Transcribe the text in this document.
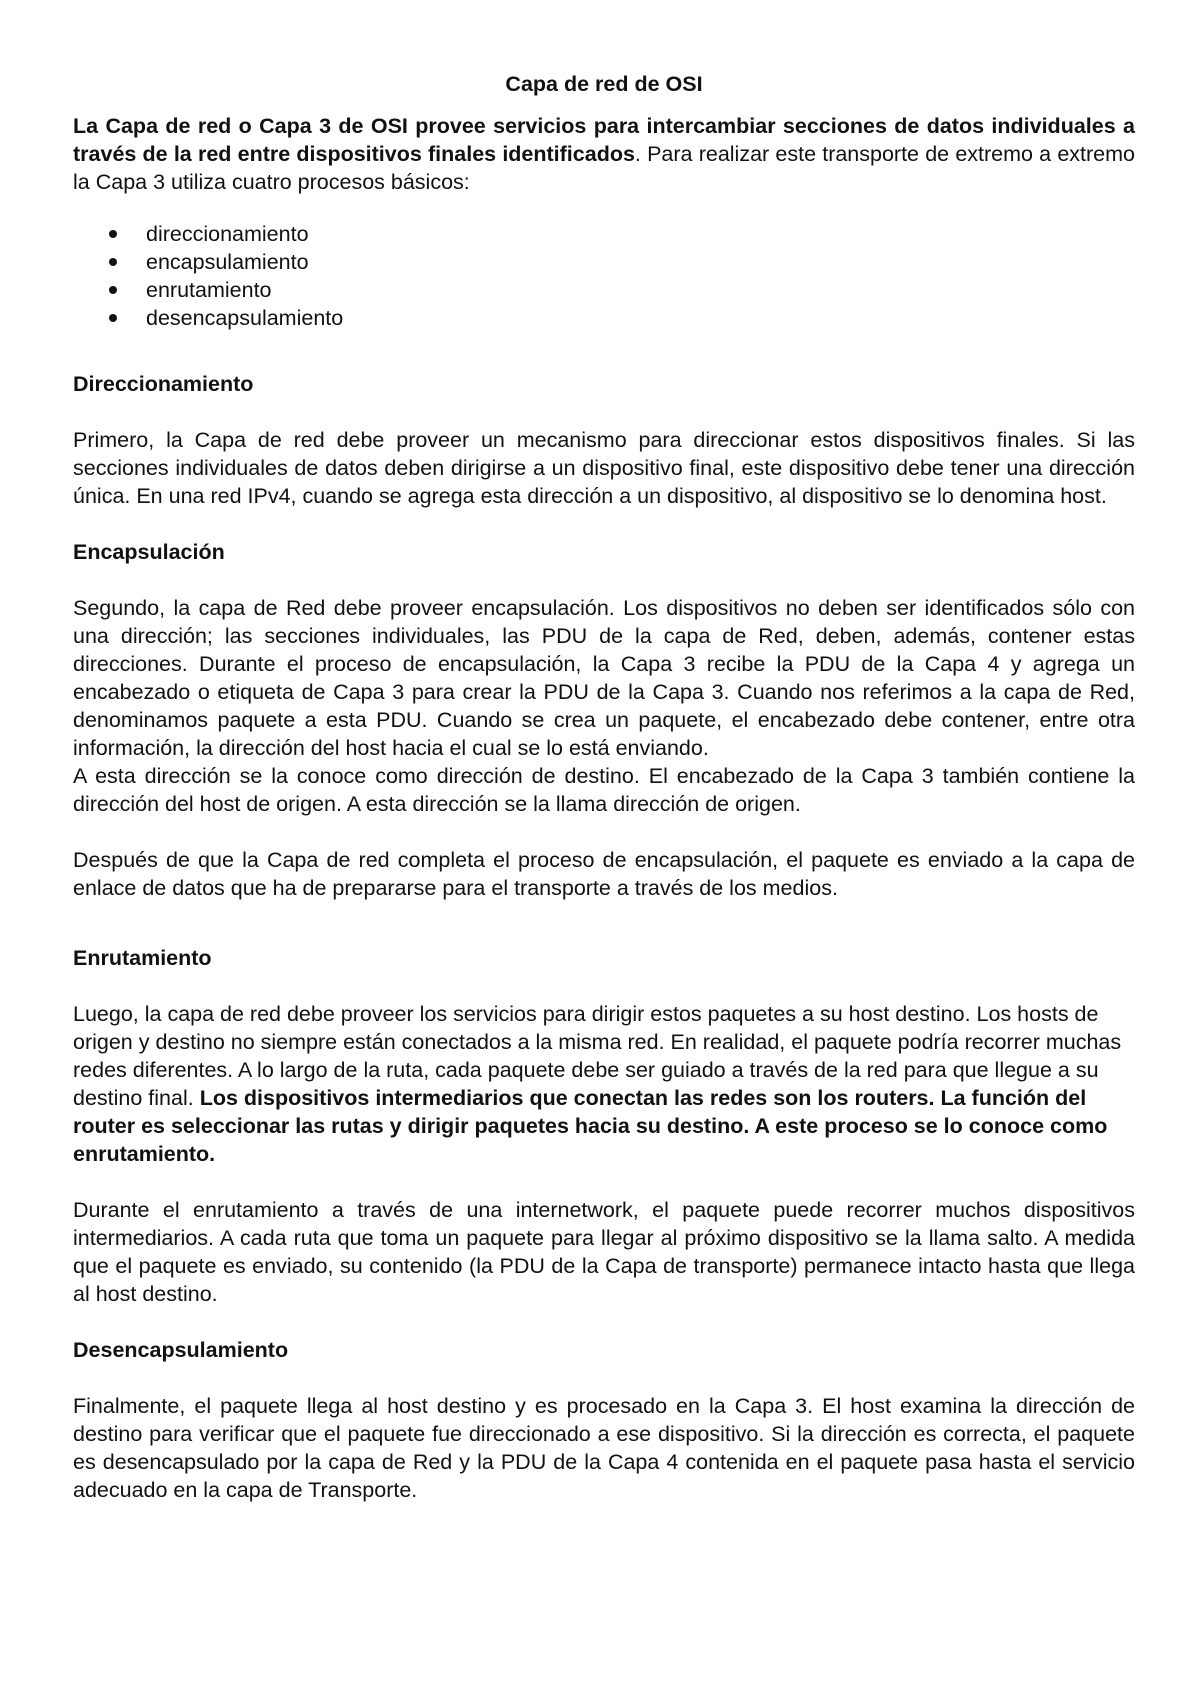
Capa de red de OSI

La Capa de red o Capa 3 de OSI provee servicios para intercambiar secciones de datos individuales a través de la red entre dispositivos finales identificados. Para realizar este transporte de extremo a extremo la Capa 3 utiliza cuatro procesos básicos:

direccionamiento
encapsulamiento
enrutamiento
desencapsulamiento
Direccionamiento

Primero, la Capa de red debe proveer un mecanismo para direccionar estos dispositivos finales. Si las secciones individuales de datos deben dirigirse a un dispositivo final, este dispositivo debe tener una dirección única. En una red IPv4, cuando se agrega esta dirección a un dispositivo, al dispositivo se lo denomina host.

Encapsulación

Segundo, la capa de Red debe proveer encapsulación. Los dispositivos no deben ser identificados sólo con una dirección; las secciones individuales, las PDU de la capa de Red, deben, además, contener estas direcciones. Durante el proceso de encapsulación, la Capa 3 recibe la PDU de la Capa 4 y agrega un encabezado o etiqueta de Capa 3 para crear la PDU de la Capa 3. Cuando nos referimos a la capa de Red, denominamos paquete a esta PDU. Cuando se crea un paquete, el encabezado debe contener, entre otra información, la dirección del host hacia el cual se lo está enviando.

A esta dirección se la conoce como dirección de destino. El encabezado de la Capa 3 también contiene la dirección del host de origen. A esta dirección se la llama dirección de origen.

Después de que la Capa de red completa el proceso de encapsulación, el paquete es enviado a la capa de enlace de datos que ha de prepararse para el transporte a través de los medios.

Enrutamiento

Luego, la capa de red debe proveer los servicios para dirigir estos paquetes a su host destino. Los hosts de origen y destino no siempre están conectados a la misma red. En realidad, el paquete podría recorrer muchas redes diferentes. A lo largo de la ruta, cada paquete debe ser guiado a través de la red para que llegue a su destino final. Los dispositivos intermediarios que conectan las redes son los routers. La función del router es seleccionar las rutas y dirigir paquetes hacia su destino. A este proceso se lo conoce como enrutamiento.

Durante el enrutamiento a través de una internetwork, el paquete puede recorrer muchos dispositivos intermediarios. A cada ruta que toma un paquete para llegar al próximo dispositivo se la llama salto. A medida que el paquete es enviado, su contenido (la PDU de la Capa de transporte) permanece intacto hasta que llega al host destino.

Desencapsulamiento

Finalmente, el paquete llega al host destino y es procesado en la Capa 3. El host examina la dirección de destino para verificar que el paquete fue direccionado a ese dispositivo. Si la dirección es correcta, el paquete es desencapsulado por la capa de Red y la PDU de la Capa 4 contenida en el paquete pasa hasta el servicio adecuado en la capa de Transporte.
